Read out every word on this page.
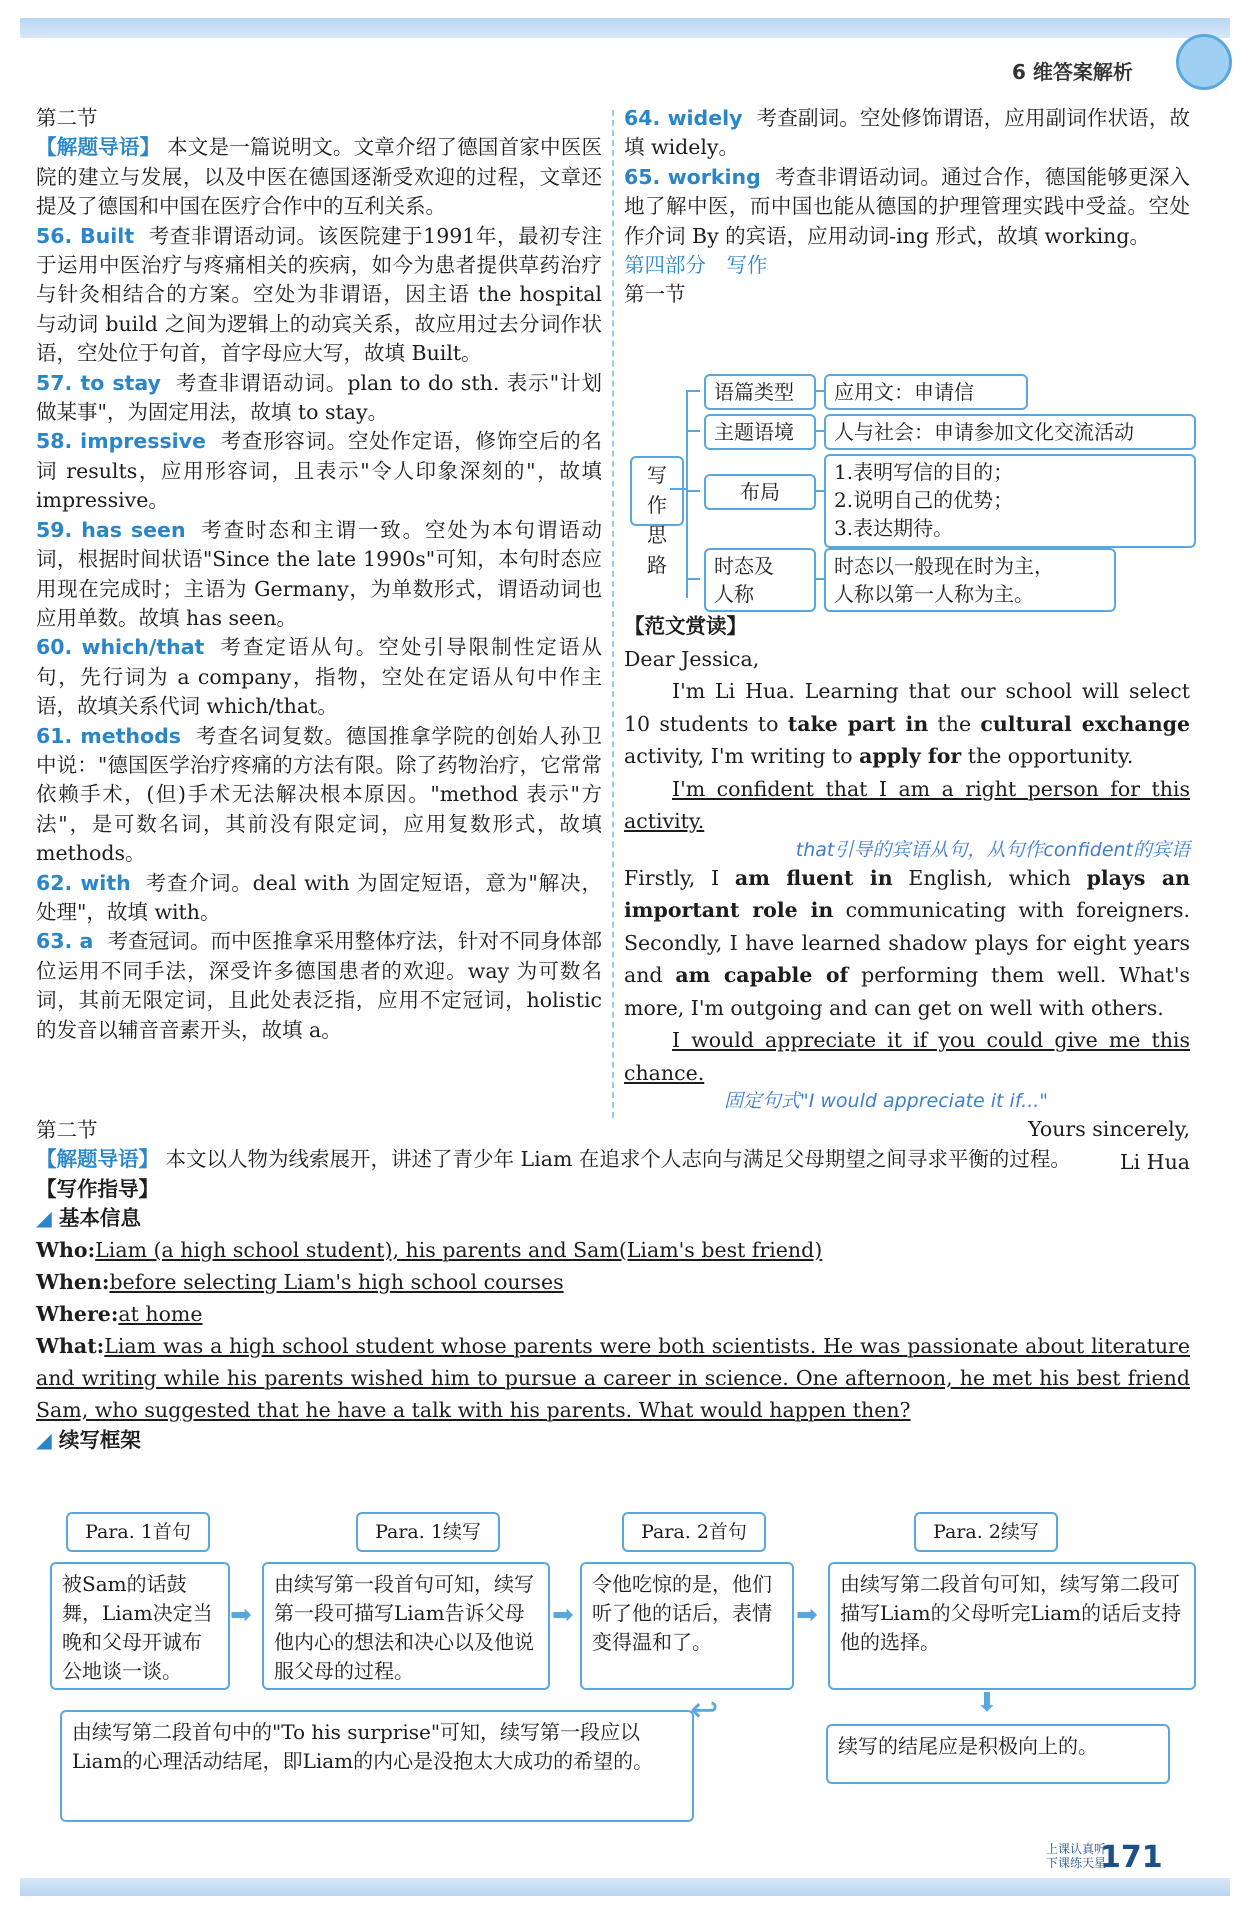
6 维答案解析
第二节
【解题导语】 本文是一篇说明文。文章介绍了德国首家中医医院的建立与发展，以及中医在德国逐渐受欢迎的过程，文章还提及了德国和中国在医疗合作中的互利关系。
56. Built 考查非谓语动词。该医院建于1991年，最初专注于运用中医治疗与疼痛相关的疾病，如今为患者提供草药治疗与针灸相结合的方案。空处为非谓语，因主语 the hospital 与动词 build 之间为逻辑上的动宾关系，故应用过去分词作状语，空处位于句首，首字母应大写，故填 Built。
57. to stay 考查非谓语动词。plan to do sth. 表示"计划做某事"，为固定用法，故填 to stay。
58. impressive 考查形容词。空处作定语，修饰空后的名词 results，应用形容词，且表示"令人印象深刻的"，故填 impressive。
59. has seen 考查时态和主谓一致。空处为本句谓语动词，根据时间状语"Since the late 1990s"可知，本句时态应用现在完成时；主语为 Germany，为单数形式，谓语动词也应用单数。故填 has seen。
60. which/that 考查定语从句。空处引导限制性定语从句，先行词为 a company，指物，空处在定语从句中作主语，故填关系代词 which/that。
61. methods 考查名词复数。德国推拿学院的创始人孙卫中说："德国医学治疗疼痛的方法有限。除了药物治疗，它常常依赖手术，(但)手术无法解决根本原因。"method 表示"方法"，是可数名词，其前没有限定词，应用复数形式，故填 methods。
62. with 考查介词。deal with 为固定短语，意为"解决，处理"，故填 with。
63. a 考查冠词。而中医推拿采用整体疗法，针对不同身体部位运用不同手法，深受许多德国患者的欢迎。way 为可数名词，其前无限定词，且此处表泛指，应用不定冠词，holistic 的发音以辅音音素开头，故填 a。
64. widely 考查副词。空处修饰谓语，应用副词作状语，故填 widely。
65. working 考查非谓语动词。通过合作，德国能够更深入地了解中医，而中国也能从德国的护理管理实践中受益。空处作介词 By 的宾语，应用动词-ing 形式，故填 working。
第四部分　写作
第一节
写作思路
语篇类型	应用文：申请信
主题语境	人与社会：申请参加文化交流活动
布局
1.表明写信的目的；
2.说明自己的优势；
3.表达期待。
时态及
人称
时态以一般现在时为主，
人称以第一人称为主。
【范文赏读】
Dear Jessica,
I'm Li Hua. Learning that our school will select 10 students to take part in the cultural exchange activity, I'm writing to apply for the opportunity.
I'm confident that I am a right person for this activity.
that引导的宾语从句，从句作confident的宾语
Firstly, I am fluent in English, which plays an important role in communicating with foreigners. Secondly, I have learned shadow plays for eight years and am capable of performing them well. What's more, I'm outgoing and can get on well with others.
I would appreciate it if you could give me this chance.
固定句式"I would appreciate it if..."
Yours sincerely,
Li Hua
第二节
【解题导语】 本文以人物为线索展开，讲述了青少年 Liam 在追求个人志向与满足父母期望之间寻求平衡的过程。
【写作指导】
◢ 基本信息
Who:Liam (a high school student), his parents and Sam(Liam's best friend)
When:before selecting Liam's high school courses
Where:at home
What:Liam was a high school student whose parents were both scientists. He was passionate about literature and writing while his parents wished him to pursue a career in science. One afternoon, he met his best friend Sam, who suggested that he have a talk with his parents. What would happen then?
◢ 续写框架
Para. 1首句	Para. 1续写	Para. 2首句	Para. 2续写
被Sam的话鼓舞，Liam决定当晚和父母开诚布公地谈一谈。
➡
由续写第一段首句可知，续写第一段可描写Liam告诉父母他内心的想法和决心以及他说服父母的过程。
➡
令他吃惊的是，他们听了他的话后，表情变得温和了。
➡
由续写第二段首句可知，续写第二段可描写Liam的父母听完Liam的话后支持他的选择。
由续写第二段首句中的"To his surprise"可知，续写第一段应以Liam的心理活动结尾，即Liam的内心是没抱太大成功的希望的。
↩	⬇
续写的结尾应是积极向上的。
上课认真听
下课练天星
171
